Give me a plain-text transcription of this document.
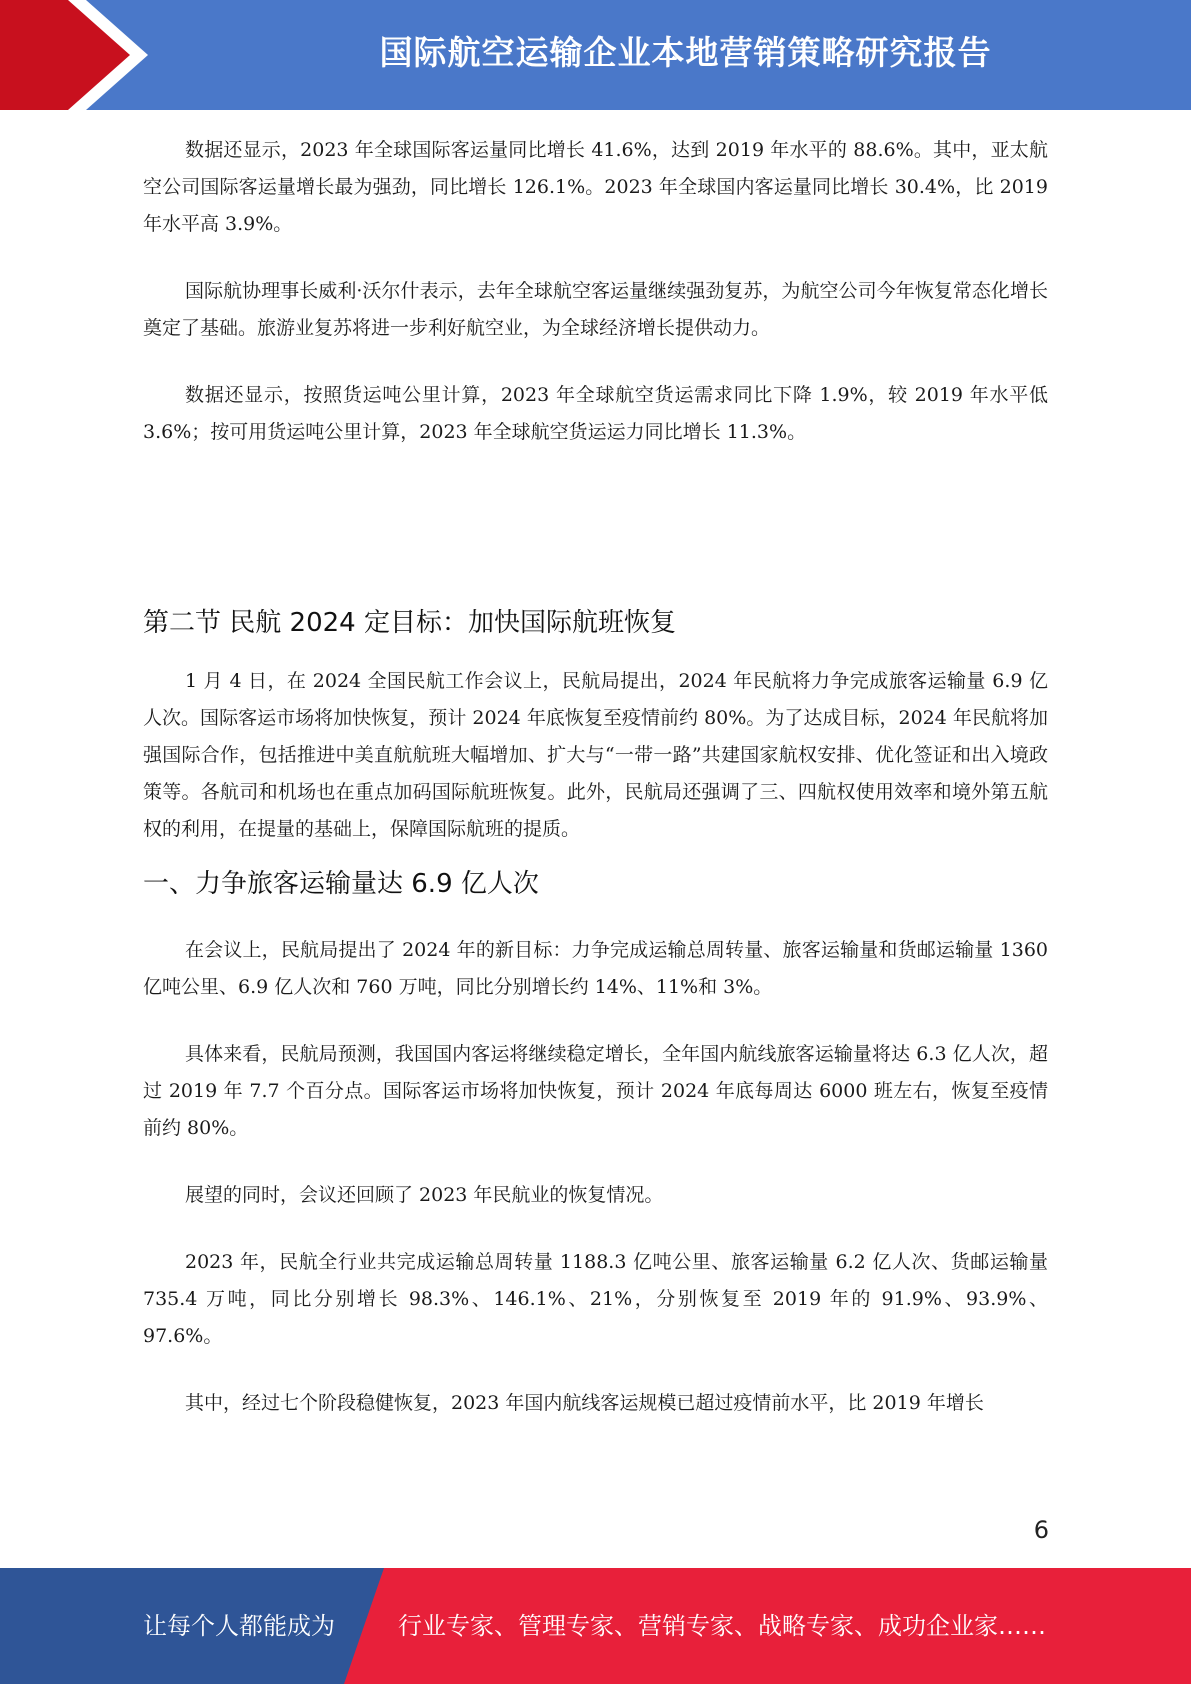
国际航空运输企业本地营销策略研究报告

数据还显示，2023 年全球国际客运量同比增长 41.6%，达到 2019 年水平的 88.6%。其中，亚太航空公司国际客运量增长最为强劲，同比增长 126.1%。2023 年全球国内客运量同比增长 30.4%，比 2019 年水平高 3.9%。

国际航协理事长威利·沃尔什表示，去年全球航空客运量继续强劲复苏，为航空公司今年恢复常态化增长奠定了基础。旅游业复苏将进一步利好航空业，为全球经济增长提供动力。

数据还显示，按照货运吨公里计算，2023 年全球航空货运需求同比下降 1.9%，较 2019 年水平低 3.6%；按可用货运吨公里计算，2023 年全球航空货运运力同比增长 11.3%。

第二节 民航 2024 定目标：加快国际航班恢复

1 月 4 日，在 2024 全国民航工作会议上，民航局提出，2024 年民航将力争完成旅客运输量 6.9 亿人次。国际客运市场将加快恢复，预计 2024 年底恢复至疫情前约 80%。为了达成目标，2024 年民航将加强国际合作，包括推进中美直航航班大幅增加、扩大与“一带一路”共建国家航权安排、优化签证和出入境政策等。各航司和机场也在重点加码国际航班恢复。此外，民航局还强调了三、四航权使用效率和境外第五航权的利用，在提量的基础上，保障国际航班的提质。

一、力争旅客运输量达 6.9 亿人次

在会议上，民航局提出了 2024 年的新目标：力争完成运输总周转量、旅客运输量和货邮运输量 1360 亿吨公里、6.9 亿人次和 760 万吨，同比分别增长约 14%、11%和 3%。

具体来看，民航局预测，我国国内客运将继续稳定增长，全年国内航线旅客运输量将达 6.3 亿人次，超过 2019 年 7.7 个百分点。国际客运市场将加快恢复，预计 2024 年底每周达 6000 班左右，恢复至疫情前约 80%。

展望的同时，会议还回顾了 2023 年民航业的恢复情况。

2023 年，民航全行业共完成运输总周转量 1188.3 亿吨公里、旅客运输量 6.2 亿人次、货邮运输量 735.4 万吨，同比分别增长 98.3%、146.1%、21%，分别恢复至 2019 年的 91.9%、93.9%、97.6%。

其中，经过七个阶段稳健恢复，2023 年国内航线客运规模已超过疫情前水平，比 2019 年增长

6
让每个人都能成为	行业专家、管理专家、营销专家、战略专家、成功企业家……
